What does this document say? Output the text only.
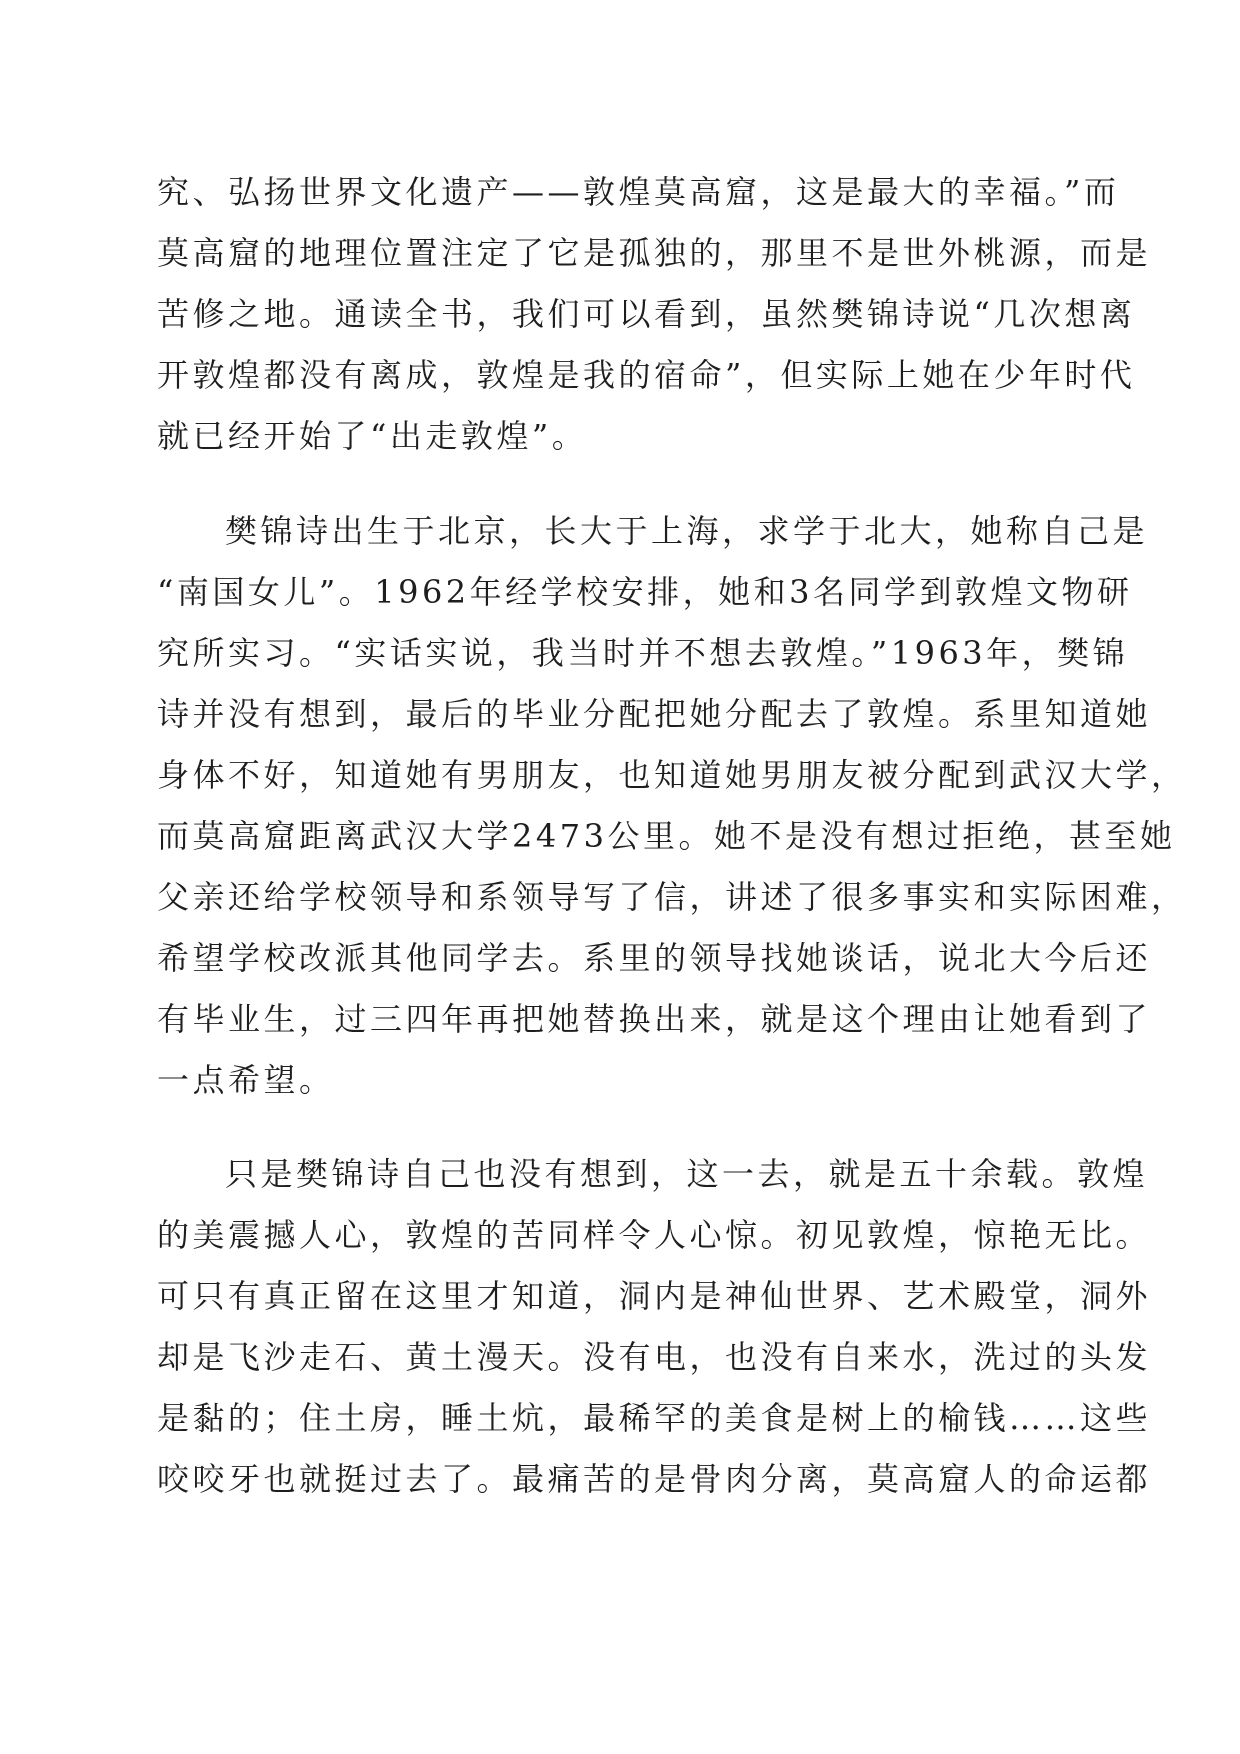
究、弘扬世界文化遗产——敦煌莫高窟，这是最大的幸福。”而
莫高窟的地理位置注定了它是孤独的，那里不是世外桃源，而是
苦修之地。通读全书，我们可以看到，虽然樊锦诗说“几次想离
开敦煌都没有离成，敦煌是我的宿命”，但实际上她在少年时代
就已经开始了“出走敦煌”。
樊锦诗出生于北京，长大于上海，求学于北大，她称自己是
“南国女儿”。1962年经学校安排，她和3名同学到敦煌文物研
究所实习。“实话实说，我当时并不想去敦煌。”1963年，樊锦
诗并没有想到，最后的毕业分配把她分配去了敦煌。系里知道她
身体不好，知道她有男朋友，也知道她男朋友被分配到武汉大学，
而莫高窟距离武汉大学2473公里。她不是没有想过拒绝，甚至她
父亲还给学校领导和系领导写了信，讲述了很多事实和实际困难，
希望学校改派其他同学去。系里的领导找她谈话，说北大今后还
有毕业生，过三四年再把她替换出来，就是这个理由让她看到了
一点希望。
只是樊锦诗自己也没有想到，这一去，就是五十余载。敦煌
的美震撼人心，敦煌的苦同样令人心惊。初见敦煌，惊艳无比。
可只有真正留在这里才知道，洞内是神仙世界、艺术殿堂，洞外
却是飞沙走石、黄土漫天。没有电，也没有自来水，洗过的头发
是黏的；住土房，睡土炕，最稀罕的美食是树上的榆钱……这些
咬咬牙也就挺过去了。最痛苦的是骨肉分离，莫高窟人的命运都
